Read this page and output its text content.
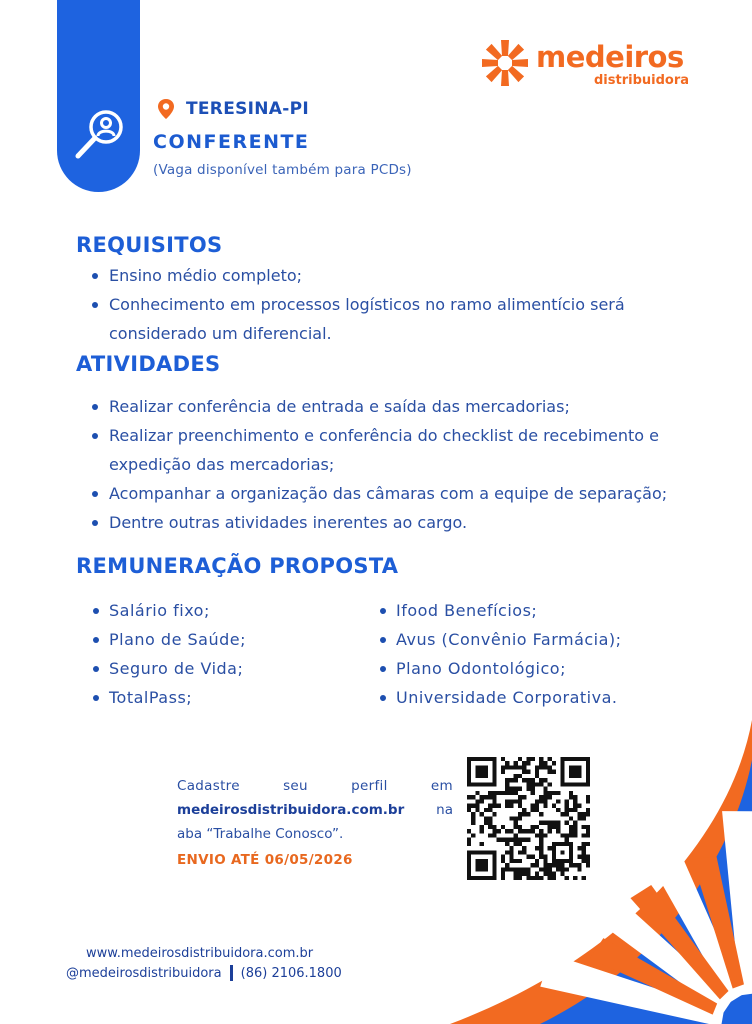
medeiros
distribuidora
TERESINA-PI
CONFERENTE
(Vaga disponível também para PCDs)
REQUISITOS
Ensino médio completo;
Conhecimento em processos logísticos no ramo alimentício será
considerado um diferencial.
ATIVIDADES
Realizar conferência de entrada e saída das mercadorias;
Realizar preenchimento e conferência do checklist de recebimento e
expedição das mercadorias;
Acompanhar a organização das câmaras com a equipe de separação;
Dentre outras atividades inerentes ao cargo.
REMUNERAÇÃO PROPOSTA
Salário fixo;
Plano de Saúde;
Seguro de Vida;
TotalPass;
Ifood Benefícios;
Avus (Convênio Farmácia);
Plano Odontológico;
Universidade Corporativa.
Cadastre	seu	perfil	em
medeirosdistribuidora.com.br na
aba “Trabalhe Conosco”.
ENVIO ATÉ 06/05/2026
www.medeirosdistribuidora.com.br
@medeirosdistribuidora (86) 2106.1800
